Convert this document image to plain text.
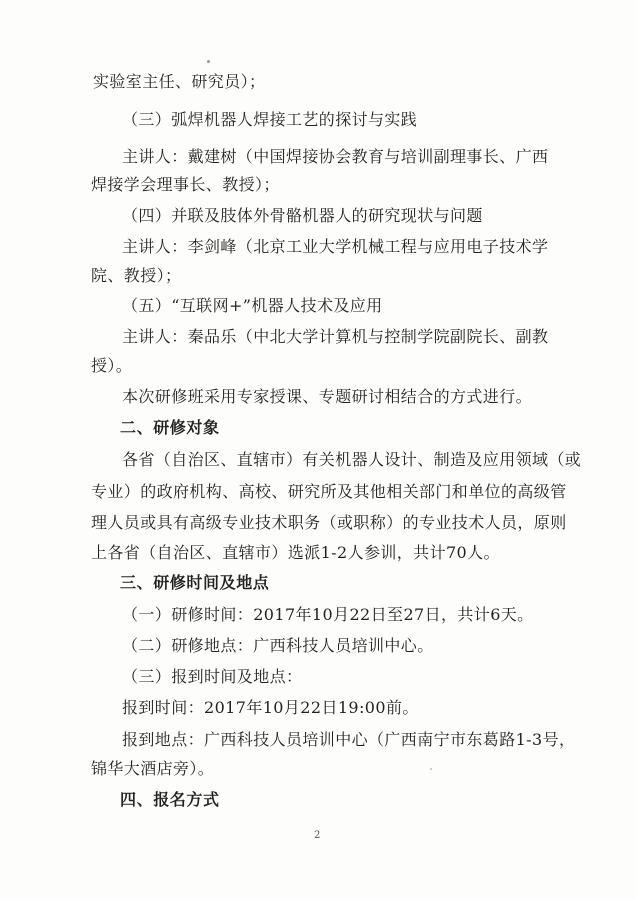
实验室主任、研究员）；
（三）弧焊机器人焊接工艺的探讨与实践
主讲人：戴建树（中国焊接协会教育与培训副理事长、广西
焊接学会理事长、教授）；
（四）并联及肢体外骨骼机器人的研究现状与问题
主讲人：李剑峰（北京工业大学机械工程与应用电子技术学
院、教授）；
（五）“互联网+”机器人技术及应用
主讲人：秦品乐（中北大学计算机与控制学院副院长、副教
授）。
本次研修班采用专家授课、专题研讨相结合的方式进行。
二、研修对象
各省（自治区、直辖市）有关机器人设计、制造及应用领域（或
专业）的政府机构、高校、研究所及其他相关部门和单位的高级管
理人员或具有高级专业技术职务（或职称）的专业技术人员，原则
上各省（自治区、直辖市）选派1-2人参训，共计70人。
三、研修时间及地点
（一）研修时间：2017年10月22日至27日，共计6天。
（二）研修地点：广西科技人员培训中心。
（三）报到时间及地点：
报到时间：2017年10月22日19:00前。
报到地点：广西科技人员培训中心（广西南宁市东葛路1-3号，
锦华大酒店旁）。
四、报名方式
2
